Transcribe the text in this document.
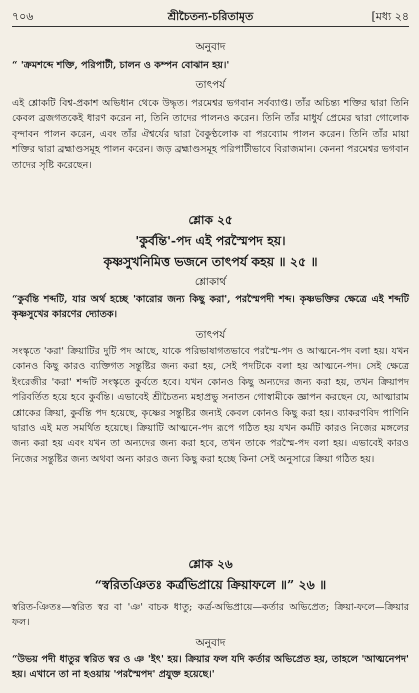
৭০৬	শ্রীচৈতন্য-চরিতামৃত	[মধ্য ২৪
অনুবাদ

“ 'ক্রমশব্দে শক্তি, পরিপাটী, চালন ও কম্পন বোঝান হয়।'

তাৎপর্য

এই শ্লোকটি বিশ্ব-প্রকাশ অভিধান থেকে উদ্ধৃত। পরমেশ্বর ভগবান সর্বব্যাপ্ত। তাঁর অচিন্ত্য শক্তির দ্বারা তিনি কেবল ব্রজগতকেই ধারণ করেন না, তিনি তাদের পালনও করেন। তিনি তাঁর মাধুর্য প্রেমের দ্বারা গোলোক বৃন্দাবন পালন করেন, এবং তাঁর ঐশ্বর্যের দ্বারা বৈকুণ্ঠলোক বা পরব্যোম পালন করেন। তিনি তাঁর মায়া শক্তির দ্বারা ব্রহ্মাণ্ডসমূহ পালন করেন। জড় ব্রহ্মাণ্ডসমূহ পরিপাটীভাবে বিরাজমান। কেননা পরমেশ্বর ভগবান তাদের সৃষ্টি করেছেন।

শ্লোক ২৫
'কুর্বন্তি'-পদ এই পরস্মৈপদ হয়।
কৃষ্ণসুখনিমিত্ত ভজনে তাৎপর্য কহয় ॥ ২৫ ॥
শ্লোকার্থ

“কুর্বন্তি শব্দটি, যার অর্থ হচ্ছে 'কারোর জন্য কিছু করা', পরস্মৈপদী শব্দ। কৃষ্ণভক্তির ক্ষেত্রে এই শব্দটি কৃষ্ণসুখের কারণের দ্যোতক।

তাৎপর্য

সংস্কৃতে 'করা' ক্রিয়াটির দুটি পদ আছে, যাকে পরিভাষাগতভাবে পরস্মৈ-পদ ও আত্মনে-পদ বলা হয়। যখন কোনও কিছু কারও ব্যক্তিগত সন্তুষ্টির জন্য করা হয়, সেই পদটিকে বলা হয় আত্মনে-পদ। সেই ক্ষেত্রে ইংরেজীর 'করা' শব্দটি সংস্কৃতে কুর্বতে হবে। যখন কোনও কিছু অন্যদের জন্য করা হয়, তখন ক্রিয়াপদ পরিবর্তিত হয়ে হবে কুর্বন্তি। এভাবেই শ্রীচৈতন্য মহাপ্রভু সনাতন গোস্বামীকে জ্ঞাপন করছেন যে, আত্মারাম শ্লোকের ক্রিয়া, কুর্বন্তি পদ হয়েছে, কৃষ্ণের সন্তুষ্টির জন্যই কেবল কোনও কিছু করা হয়। ব্যাকরণবিদ পাণিনি দ্বারাও এই মত সমর্থিত হয়েছে। ক্রিয়াটি আত্মনে-পদ রূপে গঠিত হয় যখন কর্মটি কারও নিজের মঙ্গলের জন্য করা হয় এবং যখন তা অন্যদের জন্য করা হবে, তখন তাকে পরস্মৈ-পদ বলা হয়। এভাবেই কারও নিজের সন্তুষ্টির জন্য অথবা অন্য কারও জন্য কিছু করা হচ্ছে কিনা সেই অনুসারে ক্রিয়া গঠিত হয়।

শ্লোক ২৬
“স্বরিতঞিতঃ কর্ত্রভিপ্রায়ে ক্রিয়াফলে ॥” ২৬ ॥

স্বরিত-ঞিতঃ—স্বরিত স্বর বা 'ঞ' বাচক ধাতু; কর্ত্র-অভিপ্রায়ে—কর্তার অভিপ্রেত; ক্রিয়া-ফলে—ক্রিয়ার ফল।

অনুবাদ

“উভয় পদী ধাতুর স্বরিত স্বর ও ঞ 'ইৎ' হয়। ক্রিয়ার ফল যদি কর্তার অভিপ্রেত হয়, তাহলে 'আত্মনেপদ' হয়। এখানে তা না হওয়ায় 'পরস্মৈপদ' প্রযুক্ত হয়েছে।'
